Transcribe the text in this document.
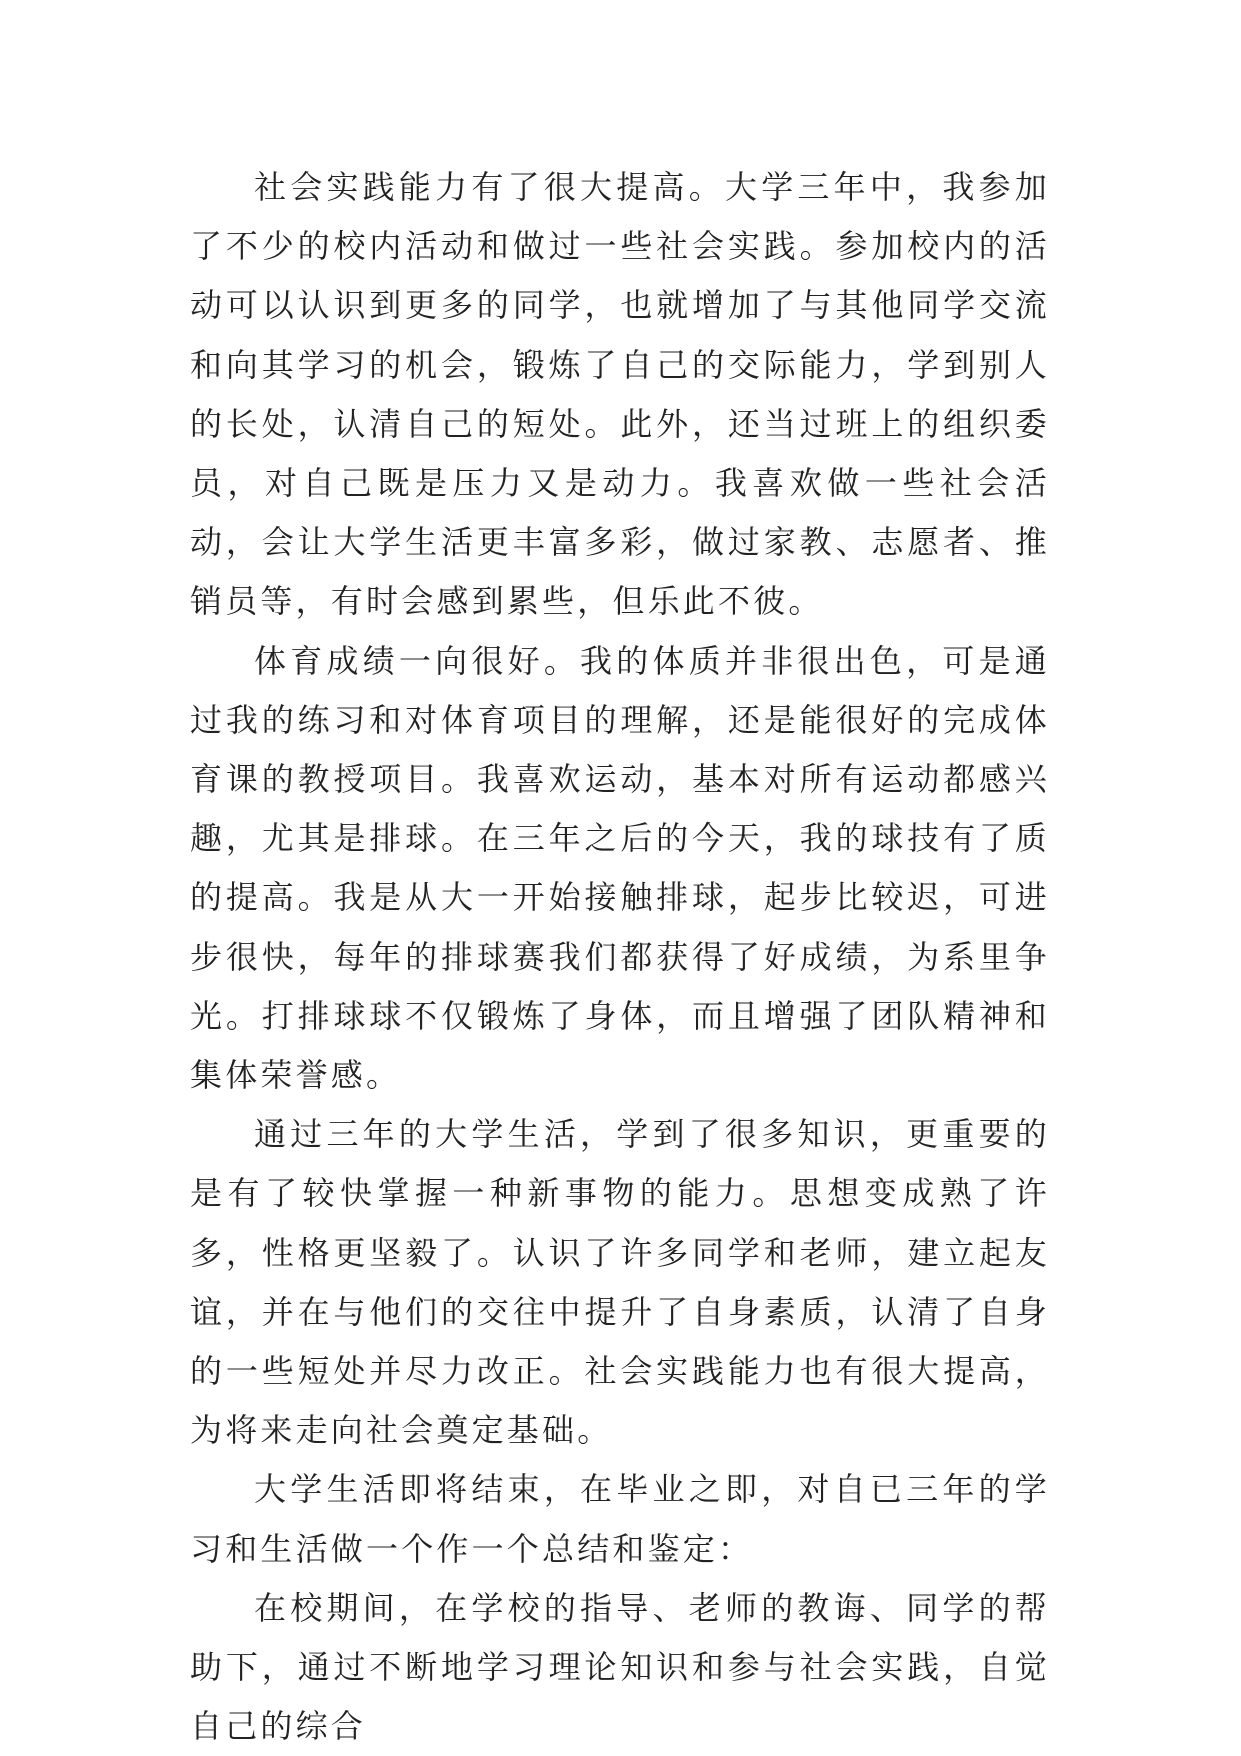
社会实践能力有了很大提高。大学三年中，我参加了不少的校内活动和做过一些社会实践。参加校内的活动可以认识到更多的同学，也就增加了与其他同学交流和向其学习的机会，锻炼了自己的交际能力，学到别人的长处，认清自己的短处。此外，还当过班上的组织委员，对自己既是压力又是动力。我喜欢做一些社会活动，会让大学生活更丰富多彩，做过家教、志愿者、推销员等，有时会感到累些，但乐此不彼。

体育成绩一向很好。我的体质并非很出色，可是通过我的练习和对体育项目的理解，还是能很好的完成体育课的教授项目。我喜欢运动，基本对所有运动都感兴趣，尤其是排球。在三年之后的今天，我的球技有了质的提高。我是从大一开始接触排球，起步比较迟，可进步很快，每年的排球赛我们都获得了好成绩，为系里争光。打排球球不仅锻炼了身体，而且增强了团队精神和集体荣誉感。

通过三年的大学生活，学到了很多知识，更重要的是有了较快掌握一种新事物的能力。思想变成熟了许多，性格更坚毅了。认识了许多同学和老师，建立起友谊，并在与他们的交往中提升了自身素质，认清了自身的一些短处并尽力改正。社会实践能力也有很大提高，为将来走向社会奠定基础。

大学生活即将结束，在毕业之即，对自已三年的学习和生活做一个作一个总结和鉴定：

在校期间，在学校的指导、老师的教诲、同学的帮助下，通过不断地学习理论知识和参与社会实践，自觉自己的综合
